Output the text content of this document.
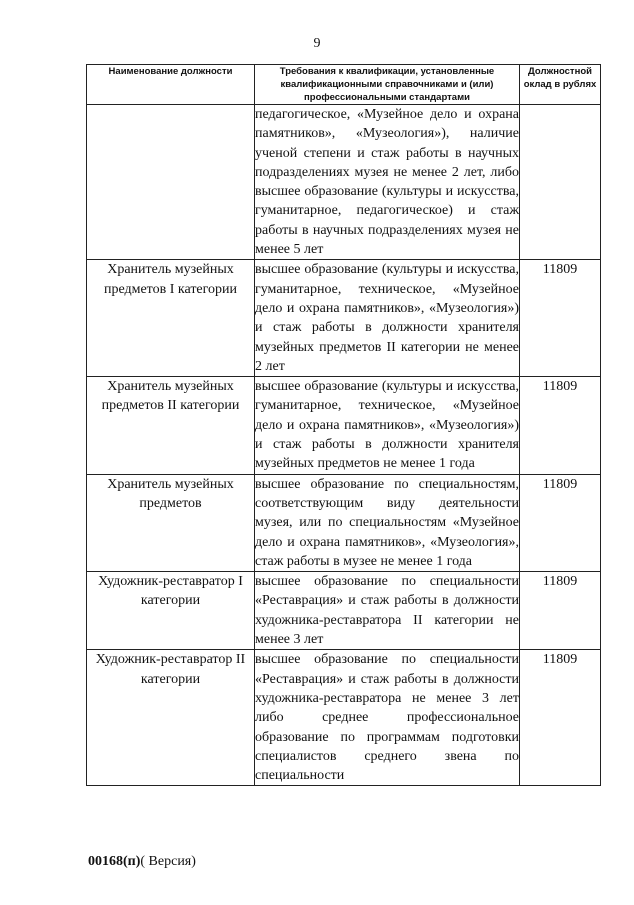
9
Наименование должности	Требования к квалификации, установленные квалификационными справочниками и (или) профессиональными стандартами	Должностной оклад в рублях
	педагогическое, «Музейное дело и охрана памятников», «Музеология»), наличие ученой степени и стаж работы в научных подразделениях музея не менее 2 лет, либо высшее образование (культуры и искусства, гуманитарное, педагогическое) и стаж работы в научных подразделениях музея не менее 5 лет	
Хранитель музейных предметов I категории	высшее образование (культуры и искусства, гуманитарное, техническое, «Музейное дело и охрана памятников», «Музеология») и стаж работы в должности хранителя музейных предметов II категории не менее 2 лет	11809
Хранитель музейных предметов II категории	высшее образование (культуры и искусства, гуманитарное, техническое, «Музейное дело и охрана памятников», «Музеология») и стаж работы в должности хранителя музейных предметов не менее 1 года	11809
Хранитель музейных предметов	высшее образование по специальностям, соответствующим виду деятельности музея, или по специальностям «Музейное дело и охрана памятников», «Музеология», стаж работы в музее не менее 1 года	11809
Художник-реставратор I категории	высшее образование по специальности «Реставрация» и стаж работы в должности художника-реставратора II категории не менее 3 лет	11809
Художник-реставратор II категории	высшее образование по специальности «Реставрация» и стаж работы в должности художника-реставратора не менее 3 лет либо среднее профессиональное образование по программам подготовки специалистов среднего звена по специальности	11809
00168(п)( Версия)
